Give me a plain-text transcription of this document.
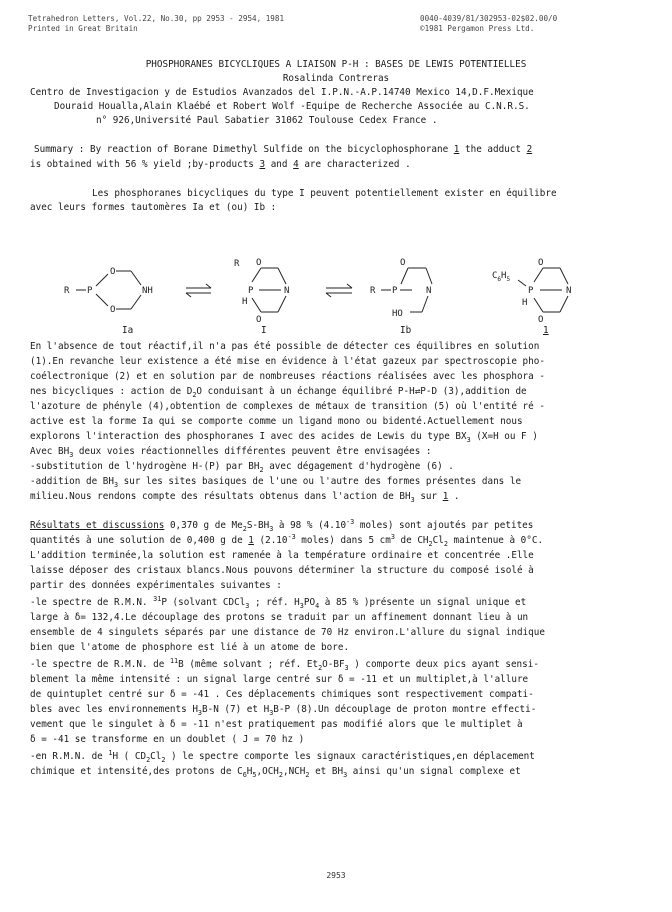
Tetrahedron Letters, Vol.22, No.30, pp 2953 - 2954, 1981
Printed in Great Britain
0040-4039/81/302953-02$02.00/0
©1981 Pergamon Press Ltd.
PHOSPHORANES BICYCLIQUES A LIAISON P-H : BASES DE LEWIS POTENTIELLES
Rosalinda Contreras
Centro de Investigacion y de Estudios Avanzados del I.P.N.-A.P.14740 Mexico 14,D.F.Mexique
Douraid Houalla,Alain Klaébé et Robert Wolf -Equipe de Recherche Associée au C.N.R.S.
n° 926,Université Paul Sabatier 31062 Toulouse Cedex France .
Summary : By reaction of Borane Dimethyl Sulfide on the bicyclophosphorane 1 the adduct 2
is obtained with 56 % yield ;by-products 3 and 4 are characterized .
Les phosphoranes bicycliques du type I peuvent potentiellement exister en équilibre
avec leurs formes tautomères Ia et (ou) Ib :
R P
O
O
NH
R
P
H
O
O
N	R P
O
N
HO
$C_6H_5$
P
H
O
O
N
Ia	I	Ib	1
En l'absence de tout réactif,il n'a pas été possible de détecter ces équilibres en solution
(1).En revanche leur existence a été mise en évidence à l'état gazeux par spectroscopie pho-
coélectronique (2) et en solution par de nombreuses réactions réalisées avec les phosphora -
nes bicycliques : action de $D_2O$ conduisant à un échange équilibré P-H⇄P-D (3),addition de
l'azoture de phényle (4),obtention de complexes de métaux de transition (5) où l'entité ré -
active est la forme Ia qui se comporte comme un ligand mono ou bidenté.Actuellement nous
explorons l'interaction des phosphoranes I avec des acides de Lewis du type $BX_3$ (X=H ou F )
Avec $BH_3$ deux voies réactionnelles différentes peuvent être envisagées :
-substitution de l'hydrogène H-(P) par $BH_2$ avec dégagement d'hydrogène (6) .
-addition de $BH_3$ sur les sites basiques de l'une ou l'autre des formes présentes dans le
milieu.Nous rendons compte des résultats obtenus dans l'action de $BH_3$ sur 1 .
Résultats et discussions 0,370 g de $Me_2S-BH_3$ à 98 % ($4.10^{-3}$ moles) sont ajoutés par petites
quantités à une solution de 0,400 g de 1 ($2.10^{-3}$ moles) dans 5 $cm^3$ de $CH_2Cl_2$ maintenue à 0°C.
L'addition terminée,la solution est ramenée à la température ordinaire et concentrée .Elle
laisse déposer des cristaux blancs.Nous pouvons déterminer la structure du composé isolé à
partir des données expérimentales suivantes :
-le spectre de R.M.N. $^{31}$P (solvant CDCl$_3$ ; réf. $H_3PO_4$ à 85 % )présente un signal unique et
large à δ= 132,4.Le découplage des protons se traduit par un affinement donnant lieu à un
ensemble de 4 singulets séparés par une distance de 70 Hz environ.L'allure du signal indique
bien que l'atome de phosphore est lié à un atome de bore.
-le spectre de R.M.N. de $^{11}$B (même solvant ; réf. $Et_2O-BF_3$ ) comporte deux pics ayant sensi-
blement la même intensité : un signal large centré sur δ = -11 et un multiplet,à l'allure
de quintuplet centré sur δ = -41 . Ces déplacements chimiques sont respectivement compati-
bles avec les environnements $H_3B-N$ (7) et $H_3B-P$ (8).Un découplage de proton montre effecti-
vement que le singulet à δ = -11 n'est pratiquement pas modifié alors que le multiplet à
δ = -41 se transforme en un doublet ( J = 70 hz )
-en R.M.N. de $^1$H ( $CD_2Cl_2$ ) le spectre comporte les signaux caractéristiques,en déplacement
chimique et intensité,des protons de $C_6H_5,OCH_2,NCH_2$ et $BH_3$ ainsi qu'un signal complexe et
2953
